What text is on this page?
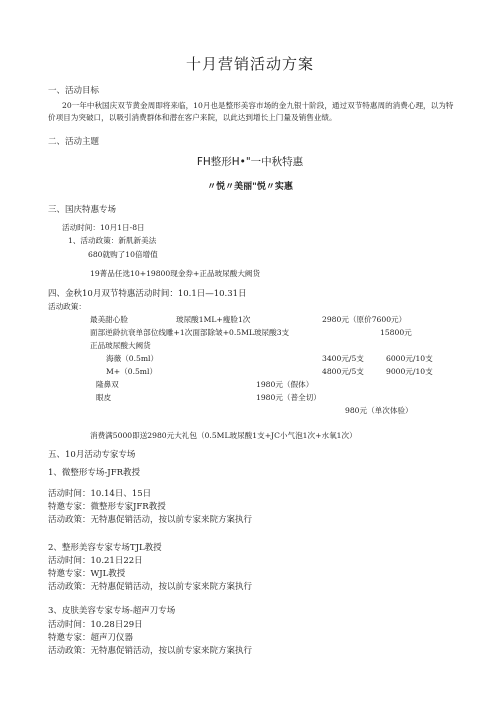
十月营销活动方案
一、活动目标
20一年中秋国庆双节黄金周即将来临，10月也是整形美容市场的金九银十阶段，通过双节特惠周的消费心理，以为特价项目为突破口，以吸引消费群体和潜在客户来院，以此达到增长上门量及销售业绩。
二、活动主题
FH整形H•"一中秋特惠
〃悦〃美丽"悦〃实惠
三、国庆特惠专场
活动时间：10月1日-8日
1、活动政策：新肌新美法
680就购了10倍增值
19菁品任选10+19800现金券+正品玻尿酸大阙货
四、金秋10月双节特惠活动时间：10.1日—10.31日
活动政策：
最美甜心脸	玻尿酸1ML+瘦脸1次	2980元（原价7600元）
面部逆龄抗衰单部位线雕+1次面部除皱+0.5ML玻尿酸3支	15800元
正品玻尿酸大阙货
海薇（0.5ml）	3400元/5支	6000元/10支
M+（0.5ml）	4800元/5支	9000元/10支
隆鼻双	1980元（假体）
眼皮	1980元（普全切）
980元（单次体验）
消费满5000即送2980元大礼包（0.5ML玻尿酸1支+JC小气泡1次+水氧1次）
五、10月活动专家专场
1、微整形专场-JFR教授
活动时间：10.14日、15日
特邀专家：微整形专家JFR教授
活动政策：无特惠促销活动，按以前专家来院方案执行
2、整形美容专家专场TJL教授
活动时间：10.21日22日
特邀专家：WJL教授
活动政策：无特惠促销活动，按以前专家来院方案执行
3、皮肤美容专家专场-超声刀专场
活动时间：10.28日29日
特邀专家：超声刀仪器
活动政策：无特惠促销活动，按以前专家来院方案执行
